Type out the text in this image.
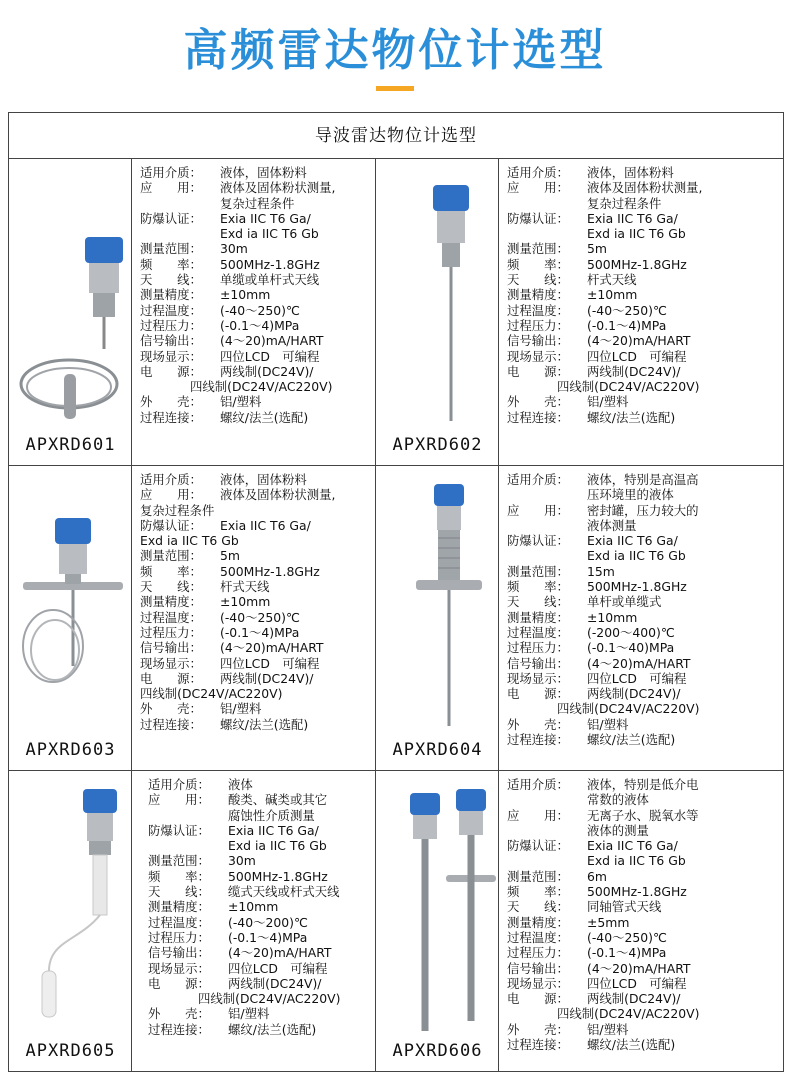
高频雷达物位计选型
导波雷达物位计选型
APXRD601
适用介质：	液体，固体粉料
应　　用：	液体及固体粉状测量,
复杂过程条件
防爆认证：	Exia IIC T6 Ga/
Exd ia IIC T6 Gb
测量范围：	30m
频　　率：	500MHz-1.8GHz
天　　线：	单缆或单杆式天线
测量精度：	±10mm
过程温度：	(-40～250)℃
过程压力：	(-0.1～4)MPa
信号输出：	(4～20)mA/HART
现场显示：	四位LCD　可编程
电　　源：	两线制(DC24V)/
四线制(DC24V/AC220V)
外　　壳：	铝/塑料
过程连接：	螺纹/法兰(选配)
APXRD602
适用介质：	液体，固体粉料
应　　用：	液体及固体粉状测量,
复杂过程条件
防爆认证：	Exia IIC T6 Ga/
Exd ia IIC T6 Gb
测量范围：	5m
频　　率：	500MHz-1.8GHz
天　　线：	杆式天线
测量精度：	±10mm
过程温度：	(-40～250)℃
过程压力：	(-0.1～4)MPa
信号输出：	(4～20)mA/HART
现场显示：	四位LCD　可编程
电　　源：	两线制(DC24V)/
四线制(DC24V/AC220V)
外　　壳：	铝/塑料
过程连接：	螺纹/法兰(选配)
APXRD603
适用介质：	液体，固体粉料
应　　用：	液体及固体粉状测量,
复杂过程条件
防爆认证：	Exia IIC T6 Ga/
Exd ia IIC T6 Gb
测量范围：	5m
频　　率：	500MHz-1.8GHz
天　　线：	杆式天线
测量精度：	±10mm
过程温度：	(-40～250)℃
过程压力：	(-0.1～4)MPa
信号输出：	(4～20)mA/HART
现场显示：	四位LCD　可编程
电　　源：	两线制(DC24V)/
四线制(DC24V/AC220V)
外　　壳：	铝/塑料
过程连接：	螺纹/法兰(选配)
APXRD604
适用介质：	液体，特别是高温高
压环境里的液体
应　　用：	密封罐，压力较大的
液体测量
防爆认证：	Exia IIC T6 Ga/
Exd ia IIC T6 Gb
测量范围：	15m
频　　率：	500MHz-1.8GHz
天　　线：	单杆或单缆式
测量精度：	±10mm
过程温度：	(-200～400)℃
过程压力：	(-0.1～40)MPa
信号输出：	(4～20)mA/HART
现场显示：	四位LCD　可编程
电　　源：	两线制(DC24V)/
四线制(DC24V/AC220V)
外　　壳：	铝/塑料
过程连接：	螺纹/法兰(选配)
APXRD605
适用介质：	液体
应　　用：	酸类、碱类或其它
腐蚀性介质测量
防爆认证：	Exia IIC T6 Ga/
Exd ia IIC T6 Gb
测量范围：	30m
频　　率：	500MHz-1.8GHz
天　　线：	缆式天线或杆式天线
测量精度：	±10mm
过程温度：	(-40～200)℃
过程压力：	(-0.1～4)MPa
信号输出：	(4～20)mA/HART
现场显示：	四位LCD　可编程
电　　源：	两线制(DC24V)/
四线制(DC24V/AC220V)
外　　壳：	铝/塑料
过程连接：	螺纹/法兰(选配)
APXRD606
适用介质：	液体，特别是低介电
常数的液体
应　　用：	无离子水、脱氧水等
液体的测量
防爆认证：	Exia IIC T6 Ga/
Exd ia IIC T6 Gb
测量范围：	6m
频　　率：	500MHz-1.8GHz
天　　线：	同轴管式天线
测量精度：	±5mm
过程温度：	(-40～250)℃
过程压力：	(-0.1～4)MPa
信号输出：	(4～20)mA/HART
现场显示：	四位LCD　可编程
电　　源：	两线制(DC24V)/
四线制(DC24V/AC220V)
外　　壳：	铝/塑料
过程连接：	螺纹/法兰(选配)
